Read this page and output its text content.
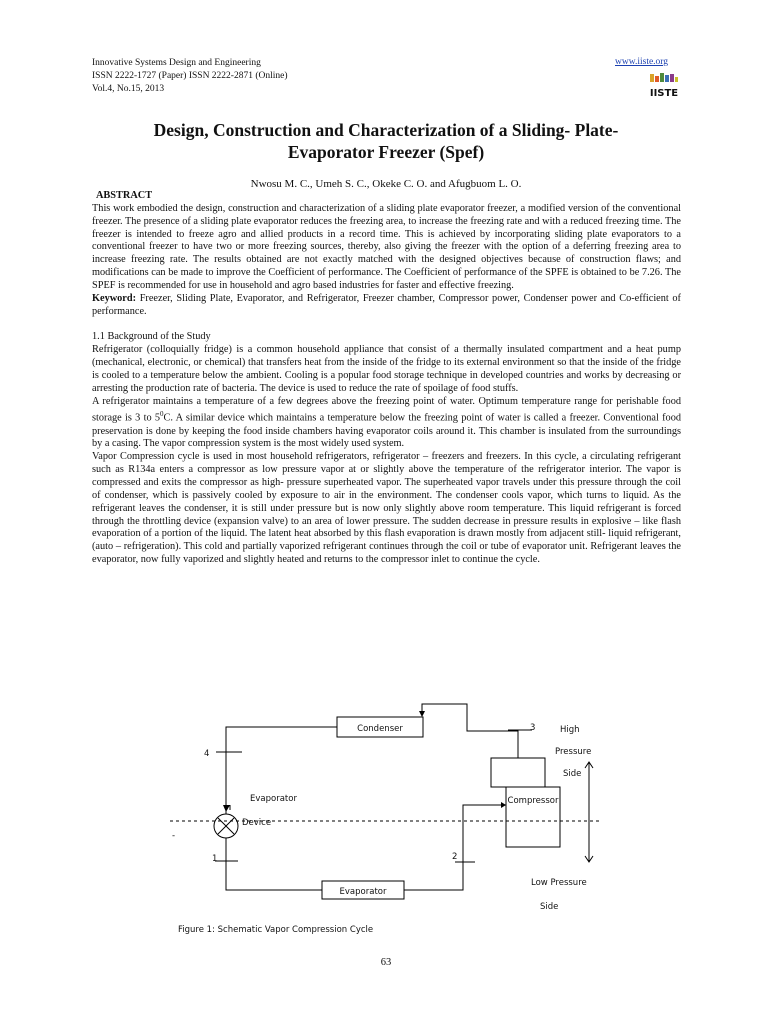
Innovative Systems Design and Engineering
ISSN 2222-1727 (Paper) ISSN 2222-2871 (Online)
Vol.4, No.15, 2013
www.iiste.org
IISTE
Design, Construction and Characterization of a Sliding- Plate-
Evaporator Freezer (Spef)
Nwosu M. C., Umeh S. C., Okeke C. O. and Afugbuom L. O.

ABSTRACT

This work embodied the design, construction and characterization of a sliding plate evaporator freezer, a modified version of the conventional freezer. The presence of a sliding plate evaporator reduces the freezing area, to increase the freezing rate and with a reduced freezing time. The freezer is intended to freeze agro and allied products in a record time. This is achieved by incorporating sliding plate evaporators to a conventional freezer to have two or more freezing sources, thereby, also giving the freezer with the option of a deferring freezing area to increase freezing rate. The results obtained are not exactly matched with the designed objectives because of construction flaws; and modifications can be made to improve the Coefficient of performance. The Coefficient of performance of the SPFE is obtained to be 7.26. The SPEF is recommended for use in household and agro based industries for faster and effective freezing.

Keyword: Freezer, Sliding Plate, Evaporator, and Refrigerator, Freezer chamber, Compressor power, Condenser power and Co-efficient of performance.

1.1 Background of the Study

Refrigerator (colloquially fridge) is a common household appliance that consist of a thermally insulated compartment and a heat pump (mechanical, electronic, or chemical) that transfers heat from the inside of the fridge to its external environment so that the inside of the fridge is cooled to a temperature below the ambient. Cooling is a popular food storage technique in developed countries and works by decreasing or arresting the production rate of bacteria. The device is used to reduce the rate of spoilage of food stuffs.

A refrigerator maintains a temperature of a few degrees above the freezing point of water. Optimum temperature range for perishable food storage is 3 to $5^0C$. A similar device which maintains a temperature below the freezing point of water is called a freezer. Conventional food preservation is done by keeping the food inside chambers having evaporator coils around it. This chamber is insulated from the surroundings by a casing. The vapor compression system is the most widely used system.

Vapor Compression cycle is used in most household refrigerators, refrigerator – freezers and freezers. In this cycle, a circulating refrigerant such as R134a enters a compressor as low pressure vapor at or slightly above the temperature of the refrigerator interior. The vapor is compressed and exits the compressor as high- pressure superheated vapor. The superheated vapor travels under this pressure through the coil of condenser, which is passively cooled by exposure to air in the environment. The condenser cools vapor, which turns to liquid. As the refrigerant leaves the condenser, it is still under pressure but is now only slightly above room temperature. This liquid refrigerant is forced through the throttling device (expansion valve) to an area of lower pressure. The sudden decrease in pressure results in explosive – like flash evaporation of a portion of the liquid. The latent heat absorbed by this flash evaporation is drawn mostly from adjacent still- liquid refrigerant, (auto – refrigeration). This cold and partially vaporized refrigerant continues through the coil or tube of evaporator unit. Refrigerant leaves the evaporator, now fully vaporized and slightly heated and returns to the compressor inlet to continue the cycle.

Condenser
Compressor
Evaporator
Evaporator
Device
High
Pressure
Side
Low Pressure
Side
4
1	2
3
-
Figure 1: Schematic Vapor Compression Cycle
63
